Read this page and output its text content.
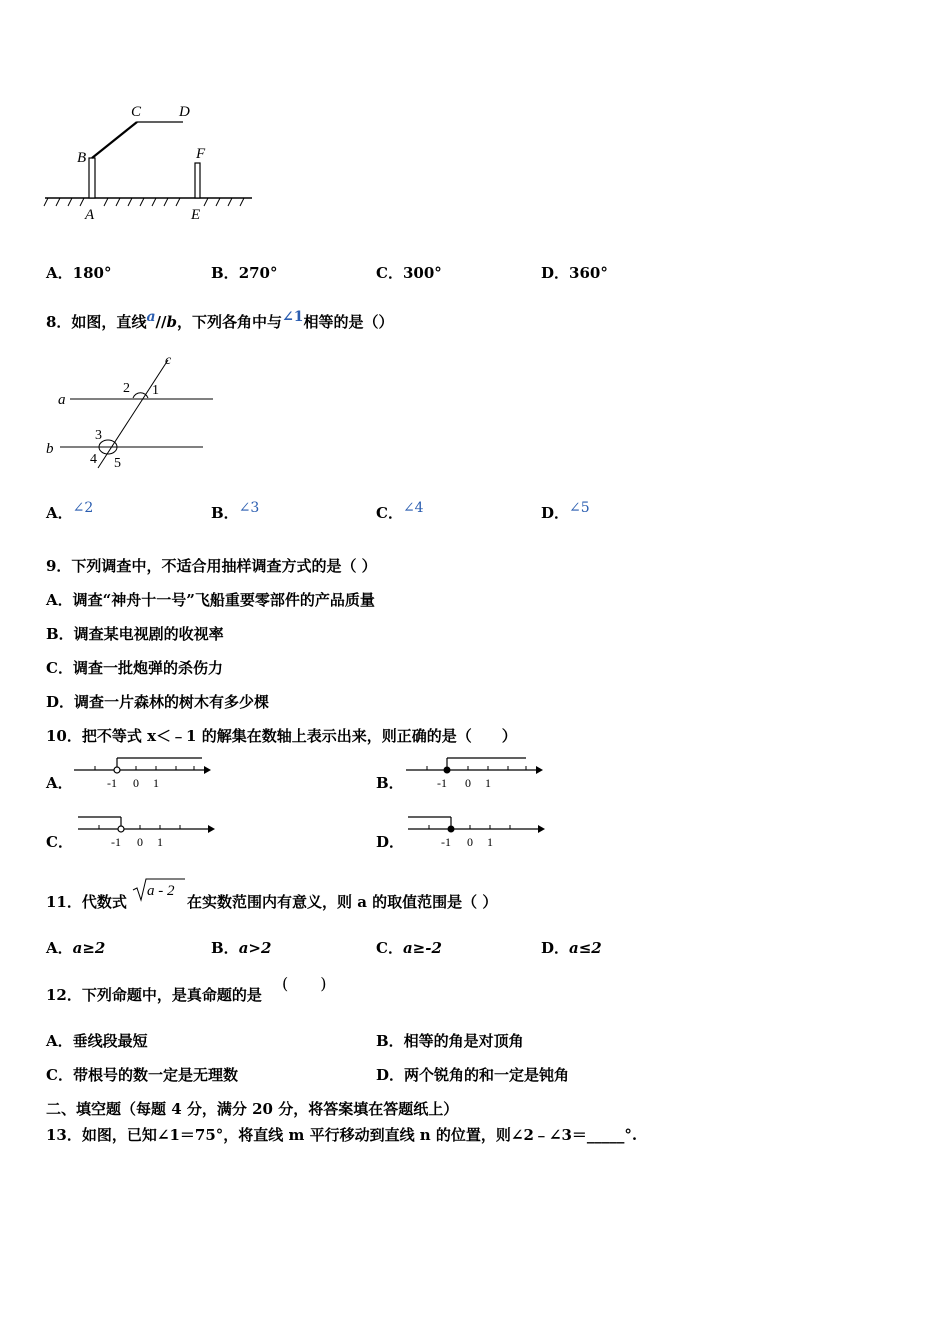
C	D
B	F
A	E
A．180°	B．270°	C．300°	D．360°
8．如图，直线$^a$//b，下列各角中与$^{\angle 1}$相等的是（）
c
a
b
2 1
3
4 5
A．$^{\angle 2}$	B．$^{\angle 3}$	C．$^{\angle 4}$	D．$^{\angle 5}$
9．下列调查中，不适合用抽样调查方式的是（ ）
A．调查“神舟十一号”飞船重要零部件的产品质量
B．调查某电视剧的收视率
C．调查一批炮弹的杀伤力
D．调查一片森林的树木有多少棵
10．把不等式 x＜﹣1 的解集在数轴上表示出来，则正确的是（　　）
A．	-1 0 1	B．	-1 0 1
C．	-1 0 1	D．	-1 0 1
11．代数式
a - 2
在实数范围内有意义，则 a 的取值范围是（ ）
A．a≥2	B．a>2	C．a≥-2	D．a≤2
12．下列命题中，是真命题的是
(　　)
A．垂线段最短	B．相等的角是对顶角
C．带根号的数一定是无理数	D．两个锐角的和一定是钝角
二、填空题（每题 4 分，满分 20 分，将答案填在答题纸上）
13．如图，已知∠1＝75°，将直线 m 平行移动到直线 n 的位置，则∠2﹣∠3＝_____°.
